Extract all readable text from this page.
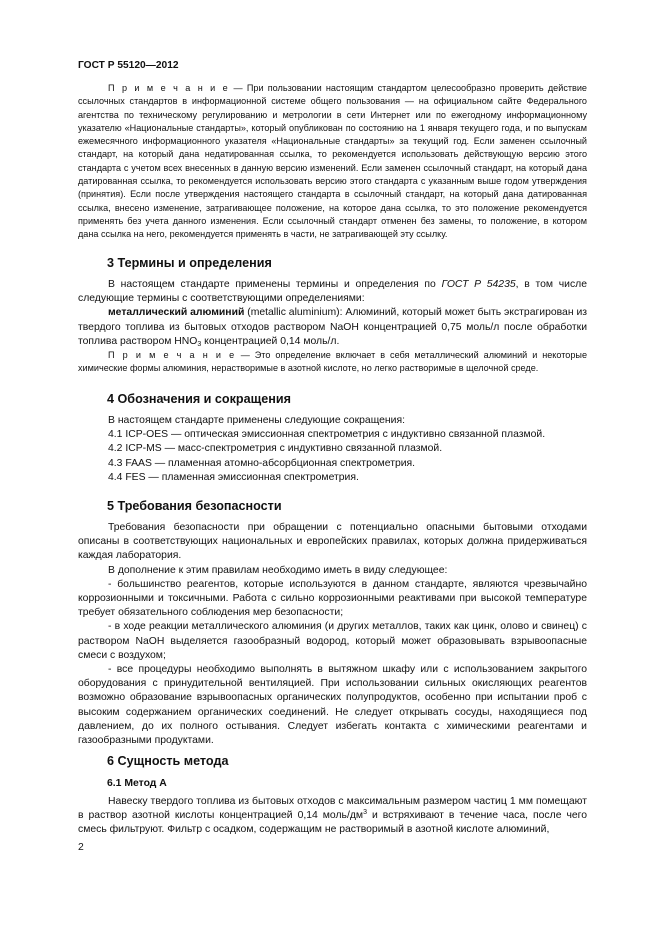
ГОСТ Р 55120—2012

П р и м е ч а н и е — При пользовании настоящим стандартом целесообразно проверить действие ссылочных стандартов в информационной системе общего пользования — на официальном сайте Федерального агентства по техническому регулированию и метрологии в сети Интернет или по ежегодному информационному указателю «Национальные стандарты», который опубликован по состоянию на 1 января текущего года, и по выпускам ежемесячного информационного указателя «Национальные стандарты» за текущий год. Если заменен ссылочный стандарт, на который дана недатированная ссылка, то рекомендуется использовать действующую версию этого стандарта с учетом всех внесенных в данную версию изменений. Если заменен ссылочный стандарт, на который дана датированная ссылка, то рекомендуется использовать версию этого стандарта с указанным выше годом утверждения (принятия). Если после утверждения настоящего стандарта в ссылочный стандарт, на который дана датированная ссылка, внесено изменение, затрагивающее положение, на которое дана ссылка, то это положение рекомендуется применять без учета данного изменения. Если ссылочный стандарт отменен без замены, то положение, в котором дана ссылка на него, рекомендуется применять в части, не затрагивающей эту ссылку.

3 Термины и определения

В настоящем стандарте применены термины и определения по ГОСТ Р 54235, в том числе следующие термины с соответствующими определениями:

металлический алюминий (metallic aluminium): Алюминий, который может быть экстрагирован из твердого топлива из бытовых отходов раствором NaOH концентрацией 0,75 моль/л после обработки топлива раствором $HNO_3$ концентрацией 0,14 моль/л.

П р и м е ч а н и е — Это определение включает в себя металлический алюминий и некоторые химические формы алюминия, нерастворимые в азотной кислоте, но легко растворимые в щелочной среде.

4 Обозначения и сокращения

В настоящем стандарте применены следующие сокращения:

4.1 ICP-OES — оптическая эмиссионная спектрометрия с индуктивно связанной плазмой.

4.2 ICP-MS — масс-спектрометрия с индуктивно связанной плазмой.

4.3 FAAS — пламенная атомно-абсорбционная спектрометрия.

4.4 FES — пламенная эмиссионная спектрометрия.

5 Требования безопасности

Требования безопасности при обращении с потенциально опасными бытовыми отходами описаны в соответствующих национальных и европейских правилах, которых должна придерживаться каждая лаборатория.

В дополнение к этим правилам необходимо иметь в виду следующее:

- большинство реагентов, которые используются в данном стандарте, являются чрезвычайно коррозионными и токсичными. Работа с сильно коррозионными реактивами при высокой температуре требует обязательного соблюдения мер безопасности;

- в ходе реакции металлического алюминия (и других металлов, таких как цинк, олово и свинец) с раствором NaOH выделяется газообразный водород, который может образовывать взрывоопасные смеси с воздухом;

- все процедуры необходимо выполнять в вытяжном шкафу или с использованием закрытого оборудования с принудительной вентиляцией. При использовании сильных окисляющих реагентов возможно образование взрывоопасных органических полупродуктов, особенно при испытании проб с высоким содержанием органических соединений. Не следует открывать сосуды, находящиеся под давлением, до их полного остывания. Следует избегать контакта с химическими реагентами и газообразными продуктами.

6 Сущность метода
6.1 Метод А

Навеску твердого топлива из бытовых отходов с максимальным размером частиц 1 мм помещают в раствор азотной кислоты концентрацией 0,14 моль/$дм^3$ и встряхивают в течение часа, после чего смесь фильтруют. Фильтр с осадком, содержащим не растворимый в азотной кислоте алюминий,

2
